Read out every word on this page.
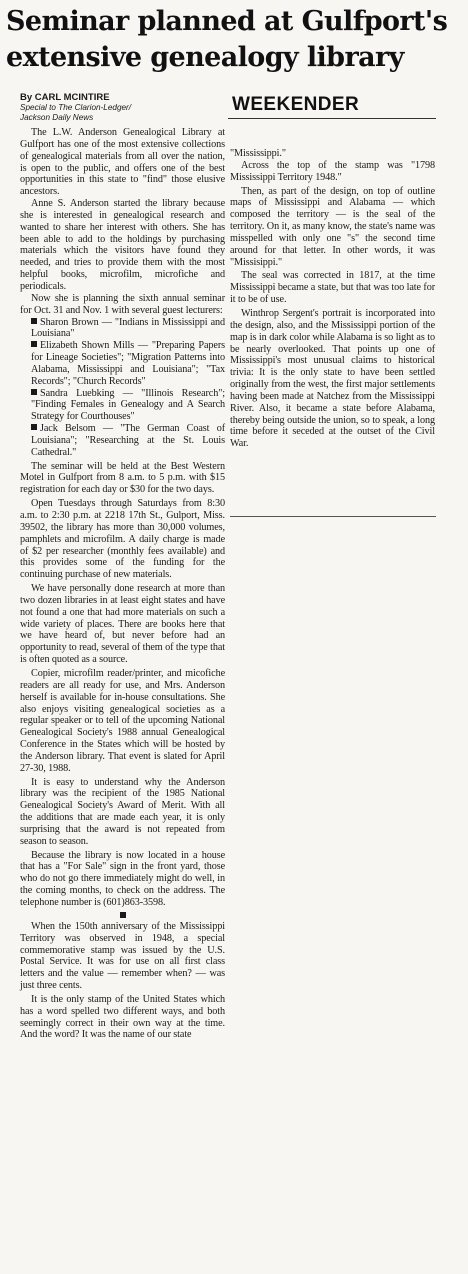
Seminar planned at Gulfport's extensive genealogy library
By CARL MCINTIRE
Special to The Clarion-Ledger/
Jackson Daily News
WEEKENDER

The L.W. Anderson Genealogical Library at Gulfport has one of the most extensive collections of genealogical materials from all over the nation, is open to the public, and offers one of the best opportunities in this state to "find" those elusive ancestors.

Anne S. Anderson started the library because she is interested in genealogical research and wanted to share her interest with others. She has been able to add to the holdings by purchasing materials which the visitors have found they needed, and tries to provide them with the most helpful books, microfilm, microfiche and periodicals.

Now she is planning the sixth annual seminar for Oct. 31 and Nov. 1 with several guest lecturers:

Sharon Brown — "Indians in Mississippi and Louisiana"

Elizabeth Shown Mills — "Preparing Papers for Lineage Societies"; "Migration Patterns into Alabama, Mississippi and Louisiana"; "Tax Records"; "Church Records"

Sandra Luebking — "Illinois Research"; "Finding Females in Genealogy and A Search Strategy for Courthouses"

Jack Belsom — "The German Coast of Louisiana"; "Researching at the St. Louis Cathedral."

The seminar will be held at the Best Western Motel in Gulfport from 8 a.m. to 5 p.m. with $15 registration for each day or $30 for the two days.

Open Tuesdays through Saturdays from 8:30 a.m. to 2:30 p.m. at 2218 17th St., Gulport, Miss. 39502, the library has more than 30,000 volumes, pamphlets and microfilm. A daily charge is made of $2 per researcher (monthly fees available) and this provides some of the funding for the continuing purchase of new materials.

We have personally done research at more than two dozen libraries in at least eight states and have not found a one that had more materials on such a wide variety of places. There are books here that we have heard of, but never before had an opportunity to read, several of them of the type that is often quoted as a source.

Copier, microfilm reader/printer, and micofiche readers are all ready for use, and Mrs. Anderson herself is available for in-house consultations. She also enjoys visiting genealogical societies as a regular speaker or to tell of the upcoming National Genealogical Society's 1988 annual Genealogical Conference in the States which will be hosted by the Anderson library. That event is slated for April 27-30, 1988.

It is easy to understand why the Anderson library was the recipient of the 1985 National Genealogical Society's Award of Merit. With all the additions that are made each year, it is only surprising that the award is not repeated from season to season.

Because the library is now located in a house that has a "For Sale" sign in the front yard, those who do not go there immediately might do well, in the coming months, to check on the address. The telephone number is (601)863-3598.

When the 150th anniversary of the Mississippi Territory was observed in 1948, a special commemorative stamp was issued by the U.S. Postal Service. It was for use on all first class letters and the value — remember when? — was just three cents.

It is the only stamp of the United States which has a word spelled two different ways, and both seemingly correct in their own way at the time. And the word? It was the name of our state

"Mississippi."

Across the top of the stamp was "1798 Mississippi Territory 1948."

Then, as part of the design, on top of outline maps of Mississippi and Alabama — which composed the territory — is the seal of the territory. On it, as many know, the state's name was misspelled with only one "s" the second time around for that letter. In other words, it was "Missisippi."

The seal was corrected in 1817, at the time Mississippi became a state, but that was too late for it to be of use.

Winthrop Sergent's portrait is incorporated into the design, also, and the Mississippi portion of the map is in dark color while Alabama is so light as to be nearly overlooked. That points up one of Mississippi's most unusual claims to historical trivia: It is the only state to have been settled originally from the west, the first major settlements having been made at Natchez from the Mississippi River. Also, it became a state before Alabama, thereby being outside the union, so to speak, a long time before it seceded at the outset of the Civil War.
